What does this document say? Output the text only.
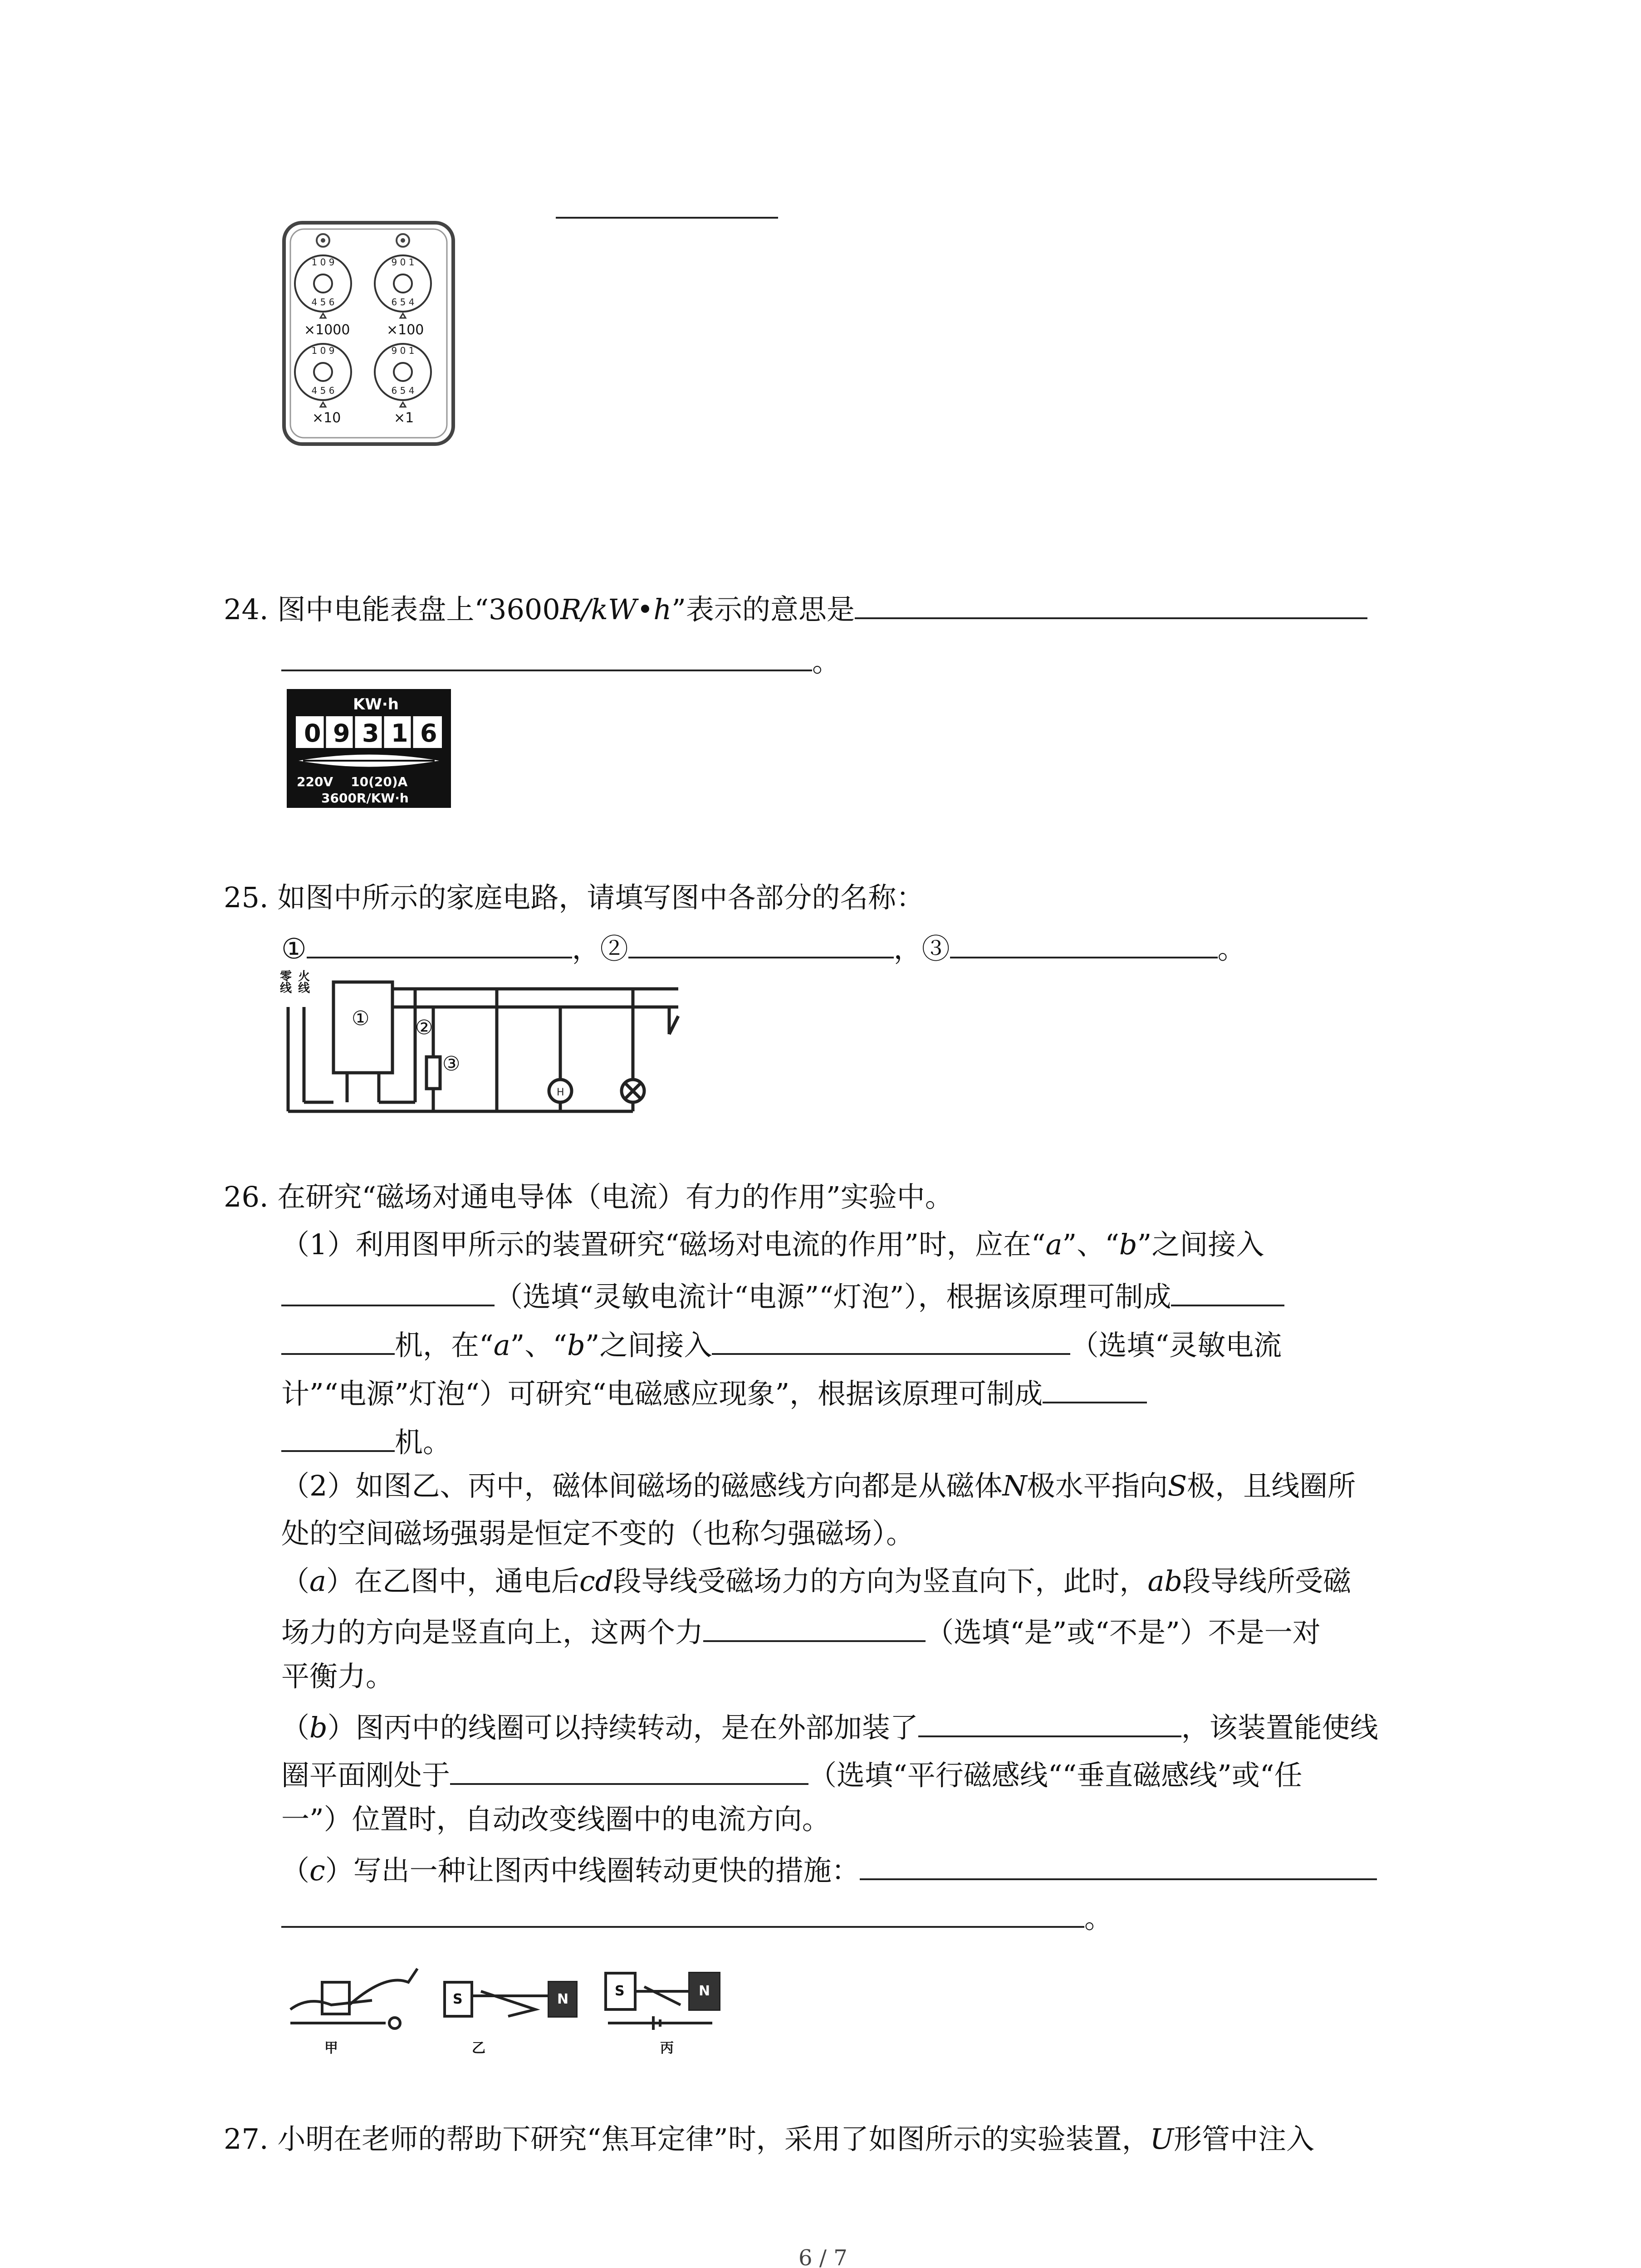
1 0 9
4 5 6
9 0 1
6 5 4
1 0 9
4 5 6
9 0 1
6 5 4
×1000	×100
×10	×1
24. 图中电能表盘上“3600R/kW•h”表示的意思是
。
KW·h
0 9 3 1 6
220V    10(20)A
3600R/KW·h
25. 如图中所示的家庭电路，请填写图中各部分的名称：
①	，②	，③	。
H
零线
火线
① ②
③
26. 在研究“磁场对通电导体（电流）有力的作用”实验中。
（1）利用图甲所示的装置研究“磁场对电流的作用”时，应在“a”、“b”之间接入
（选填“灵敏电流计“电源”“灯泡”），根据该原理可制成
机，在“a”、“b”之间接入	（选填“灵敏电流
计”“电源”灯泡“）可研究“电磁感应现象”，根据该原理可制成
机。
（2）如图乙、丙中，磁体间磁场的磁感线方向都是从磁体N极水平指向S极，且线圈所
处的空间磁场强弱是恒定不变的（也称匀强磁场）。
（a）在乙图中，通电后cd段导线受磁场力的方向为竖直向下，此时，ab段导线所受磁
场力的方向是竖直向上，这两个力	（选填“是”或“不是”）不是一对
平衡力。
（b）图丙中的线圈可以持续转动，是在外部加装了	，该装置能使线
圈平面刚处于	（选填“平行磁感线““垂直磁感线”或“任
一”）位置时，自动改变线圈中的电流方向。
（c）写出一种让图丙中线圈转动更快的措施：
。
S	N
S	N
甲	乙	丙
27. 小明在老师的帮助下研究“焦耳定律”时，采用了如图所示的实验装置，U形管中注入
6 / 7
